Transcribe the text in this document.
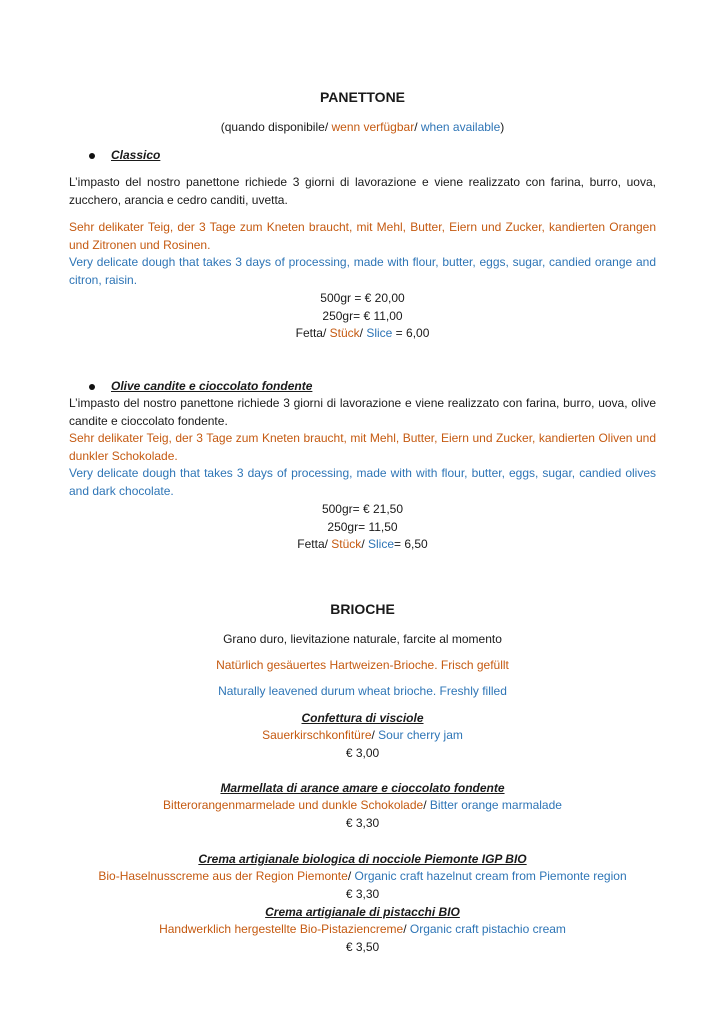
PANETTONE
(quando disponibile/ wenn verfügbar/ when available)
Classico
L’impasto del nostro panettone richiede 3 giorni di lavorazione e viene realizzato con farina, burro, uova, zucchero, arancia e cedro canditi, uvetta.
Sehr delikater Teig, der 3 Tage zum Kneten braucht, mit Mehl, Butter, Eiern und Zucker, kandierten Orangen und Zitronen und Rosinen.
Very delicate dough that takes 3 days of processing, made with flour, butter, eggs, sugar, candied orange and citron, raisin.
500gr = € 20,00
250gr= € 11,00
Fetta/ Stück/ Slice = 6,00
Olive candite e cioccolato fondente
L’impasto del nostro panettone richiede 3 giorni di lavorazione e viene realizzato con farina, burro, uova, olive candite e cioccolato fondente.
Sehr delikater Teig, der 3 Tage zum Kneten braucht, mit Mehl, Butter, Eiern und Zucker, kandierten Oliven und dunkler Schokolade.
Very delicate dough that takes 3 days of processing, made with with flour, butter, eggs, sugar, candied olives and dark chocolate.
500gr= € 21,50
250gr= 11,50
Fetta/ Stück/ Slice= 6,50
BRIOCHE
Grano duro, lievitazione naturale, farcite al momento
Natürlich gesäuertes Hartweizen-Brioche. Frisch gefüllt
Naturally leavened durum wheat brioche. Freshly filled
Confettura di visciole
Sauerkirschkonfitüre/ Sour cherry jam
€ 3,00
Marmellata di arance amare e cioccolato fondente
Bitterorangenmarmelade und dunkle Schokolade/ Bitter orange marmalade
€ 3,30
Crema artigianale biologica di nocciole Piemonte IGP BIO
Bio-Haselnusscreme aus der Region Piemonte/ Organic craft hazelnut cream from Piemonte region
€ 3,30
Crema artigianale di pistacchi BIO
Handwerklich hergestellte Bio-Pistaziencreme/ Organic craft pistachio cream
€ 3,50
